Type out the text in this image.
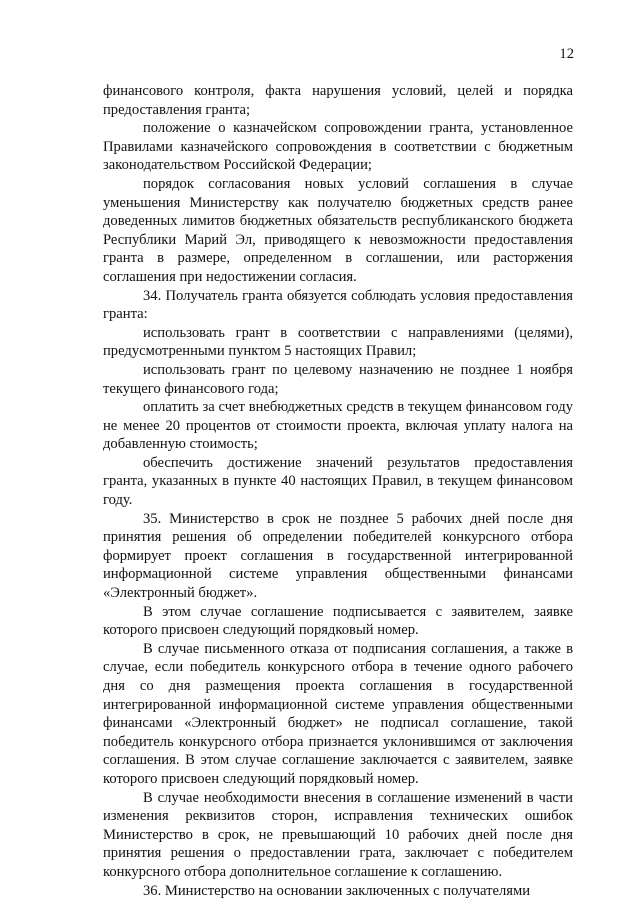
12

финансового контроля, факта нарушения условий, целей и порядка предоставления гранта;

положение о казначейском сопровождении гранта, установленное Правилами казначейского сопровождения в соответствии с бюджетным законодательством Российской Федерации;

порядок согласования новых условий соглашения в случае уменьшения Министерству как получателю бюджетных средств ранее доведенных лимитов бюджетных обязательств республиканского бюджета Республики Марий Эл, приводящего к невозможности предоставления гранта в размере, определенном в соглашении, или расторжения соглашения при недостижении согласия.

34. Получатель гранта обязуется соблюдать условия предоставления гранта:

использовать грант в соответствии с направлениями (целями), предусмотренными пунктом 5 настоящих Правил;

использовать грант по целевому назначению не позднее 1 ноября текущего финансового года;

оплатить за счет внебюджетных средств в текущем финансовом году не менее 20 процентов от стоимости проекта, включая уплату налога на добавленную стоимость;

обеспечить достижение значений результатов предоставления гранта, указанных в пункте 40 настоящих Правил, в текущем финансовом году.

35. Министерство в срок не позднее 5 рабочих дней после дня принятия решения об определении победителей конкурсного отбора формирует проект соглашения в государственной интегрированной информационной системе управления общественными финансами «Электронный бюджет».

В этом случае соглашение подписывается с заявителем, заявке которого присвоен следующий порядковый номер.

В случае письменного отказа от подписания соглашения, а также в случае, если победитель конкурсного отбора в течение одного рабочего дня со дня размещения проекта соглашения в государственной интегрированной информационной системе управления общественными финансами «Электронный бюджет» не подписал соглашение, такой победитель конкурсного отбора признается уклонившимся от заключения соглашения. В этом случае соглашение заключается с заявителем, заявке которого присвоен следующий порядковый номер.

В случае необходимости внесения в соглашение изменений в части изменения реквизитов сторон, исправления технических ошибок Министерство в срок, не превышающий 10 рабочих дней после дня принятия решения о предоставлении грата, заключает с победителем конкурсного отбора дополнительное соглашение к соглашению.

36. Министерство на основании заключенных с получателями
